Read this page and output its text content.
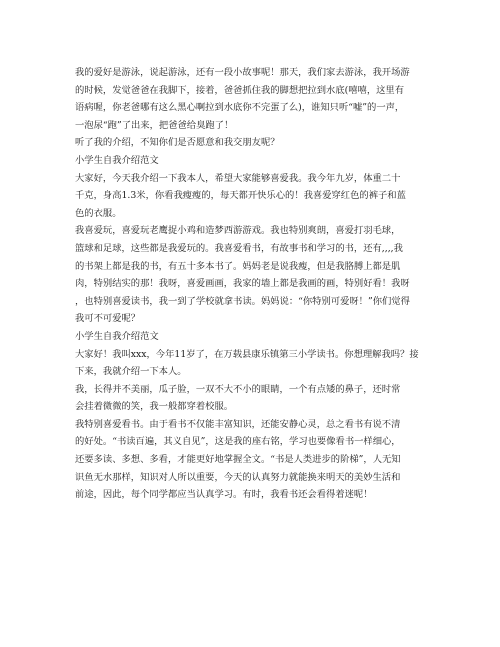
我的爱好是游泳，说起游泳，还有一段小故事呢！那天，我们家去游泳，我开场游
的时候，发觉爸爸在我脚下，接着，爸爸抓住我的脚想把拉到水底(嘻嘻，这里有
语病喔，你老爸哪有这么黑心啊拉到水底你不完蛋了么)，谁知只听“嘘”的一声，
一泡尿“跑”了出来，把爸爸给臭跑了！
听了我的介绍，不知你们是否愿意和我交朋友呢？
小学生自我介绍范文
大家好，今天我介绍一下我本人，希望大家能够喜爱我。我今年九岁，体重二十
千克，身高1.3米，你看我瘦瘦的，每天都开快乐心的！我喜爱穿红色的裤子和蓝
色的衣服。
我喜爱玩，喜爱玩老鹰捉小鸡和造梦西游游戏。我也特别爽朗，喜爱打羽毛球，
篮球和足球，这些都是我爱玩的。我喜爱看书，有故事书和学习的书，还有,,,,我
的书架上都是我的书，有五十多本书了。妈妈老是说我瘦，但是我胳膊上都是肌
肉，特别结实的那！我呀，喜爱画画，我家的墙上都是我画的画，特别好看！我呀
，也特别喜爱读书，我一到了学校就拿书读。妈妈说：“你特别可爱呀！”你们觉得
我可不可爱呢？
小学生自我介绍范文
大家好！我叫xxx，今年11岁了，在万载县康乐镇第三小学读书。你想理解我吗？接
下来，我就介绍一下本人。
我，长得并不美丽，瓜子脸，一双不大不小的眼睛，一个有点矮的鼻子，还时常
会挂着微微的笑，我一般都穿着校服。
我特别喜爱看书。由于看书不仅能丰富知识，还能安静心灵，总之看书有说不清
的好处。“书读百遍，其义自见”，这是我的座右铭，学习也要像看书一样细心，
还要多读、多想、多看，才能更好地掌握全文。“书是人类进步的阶梯”，人无知
识鱼无水那样，知识对人所以重要，今天的认真努力就能换来明天的美妙生活和
前途，因此，每个同学都应当认真学习。有时，我看书还会看得着迷呢！
